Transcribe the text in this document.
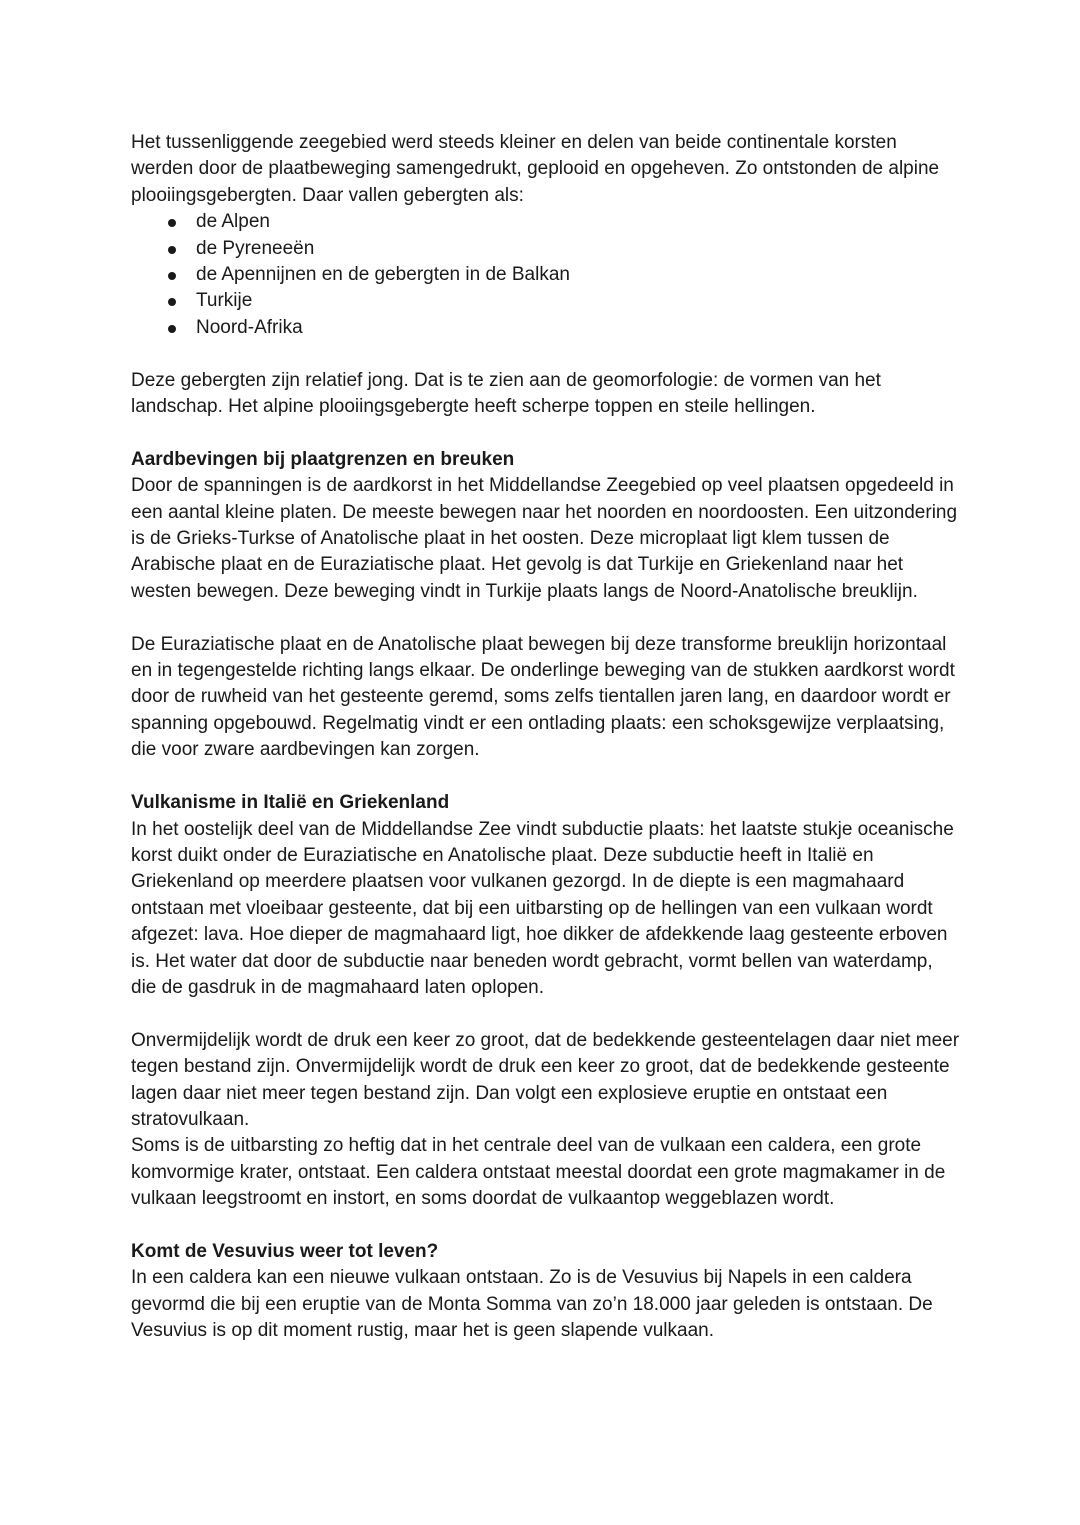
Het tussenliggende zeegebied werd steeds kleiner en delen van beide continentale korsten werden door de plaatbeweging samengedrukt, geplooid en opgeheven. Zo ontstonden de alpine plooiingsgebergten. Daar vallen gebergten als:

de Alpen
de Pyreneeën
de Apennijnen en de gebergten in de Balkan
Turkije
Noord-Afrika

Deze gebergten zijn relatief jong. Dat is te zien aan de geomorfologie: de vormen van het landschap. Het alpine plooiingsgebergte heeft scherpe toppen en steile hellingen.

Aardbevingen bij plaatgrenzen en breuken

Door de spanningen is de aardkorst in het Middellandse Zeegebied op veel plaatsen opgedeeld in een aantal kleine platen. De meeste bewegen naar het noorden en noordoosten. Een uitzondering is de Grieks-Turkse of Anatolische plaat in het oosten. Deze microplaat ligt klem tussen de Arabische plaat en de Euraziatische plaat. Het gevolg is dat Turkije en Griekenland naar het westen bewegen. Deze beweging vindt in Turkije plaats langs de Noord-Anatolische breuklijn.

De Euraziatische plaat en de Anatolische plaat bewegen bij deze transforme breuklijn horizontaal en in tegengestelde richting langs elkaar. De onderlinge beweging van de stukken aardkorst wordt door de ruwheid van het gesteente geremd, soms zelfs tientallen jaren lang, en daardoor wordt er spanning opgebouwd. Regelmatig vindt er een ontlading plaats: een schoksgewijze verplaatsing, die voor zware aardbevingen kan zorgen.

Vulkanisme in Italië en Griekenland

In het oostelijk deel van de Middellandse Zee vindt subductie plaats: het laatste stukje oceanische korst duikt onder de Euraziatische en Anatolische plaat. Deze subductie heeft in Italië en Griekenland op meerdere plaatsen voor vulkanen gezorgd. In de diepte is een magmahaard ontstaan met vloeibaar gesteente, dat bij een uitbarsting op de hellingen van een vulkaan wordt afgezet: lava. Hoe dieper de magmahaard ligt, hoe dikker de afdekkende laag gesteente erboven is. Het water dat door de subductie naar beneden wordt gebracht, vormt bellen van waterdamp, die de gasdruk in de magmahaard laten oplopen.

Onvermijdelijk wordt de druk een keer zo groot, dat de bedekkende gesteentelagen daar niet meer tegen bestand zijn. Onvermijdelijk wordt de druk een keer zo groot, dat de bedekkende gesteente lagen daar niet meer tegen bestand zijn. Dan volgt een explosieve eruptie en ontstaat een stratovulkaan.

Soms is de uitbarsting zo heftig dat in het centrale deel van de vulkaan een caldera, een grote komvormige krater, ontstaat. Een caldera ontstaat meestal doordat een grote magmakamer in de vulkaan leegstroomt en instort, en soms doordat de vulkaantop weggeblazen wordt.

Komt de Vesuvius weer tot leven?

In een caldera kan een nieuwe vulkaan ontstaan. Zo is de Vesuvius bij Napels in een caldera gevormd die bij een eruptie van de Monta Somma van zo’n 18.000 jaar geleden is ontstaan. De Vesuvius is op dit moment rustig, maar het is geen slapende vulkaan.
